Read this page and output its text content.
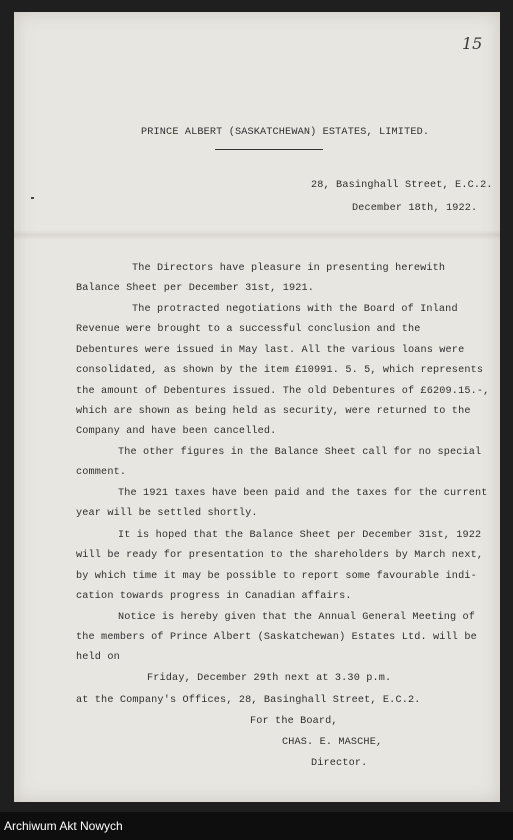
15
PRINCE ALBERT (SASKATCHEWAN) ESTATES, LIMITED.
28, Basinghall Street, E.C.2.
December 18th, 1922.
The Directors have pleasure in presenting herewith
Balance Sheet per December 31st, 1921.
The protracted negotiations with the Board of Inland
Revenue were brought to a successful conclusion and the
Debentures were issued in May last. All the various loans were
consolidated, as shown by the item £10991. 5. 5, which represents
the amount of Debentures issued. The old Debentures of £6209.15.-,
which are shown as being held as security, were returned to the
Company and have been cancelled.
The other figures in the Balance Sheet call for no special
comment.
The 1921 taxes have been paid and the taxes for the current
year will be settled shortly.
It is hoped that the Balance Sheet per December 31st, 1922
will be ready for presentation to the shareholders by March next,
by which time it may be possible to report some favourable indi-
cation towards progress in Canadian affairs.
Notice is hereby given that the Annual General Meeting of
the members of Prince Albert (Saskatchewan) Estates Ltd. will be
held on
Friday, December 29th next at 3.30 p.m.
at the Company's Offices, 28, Basinghall Street, E.C.2.
For the Board,
CHAS. E. MASCHE,
Director.
Archiwum Akt Nowych
